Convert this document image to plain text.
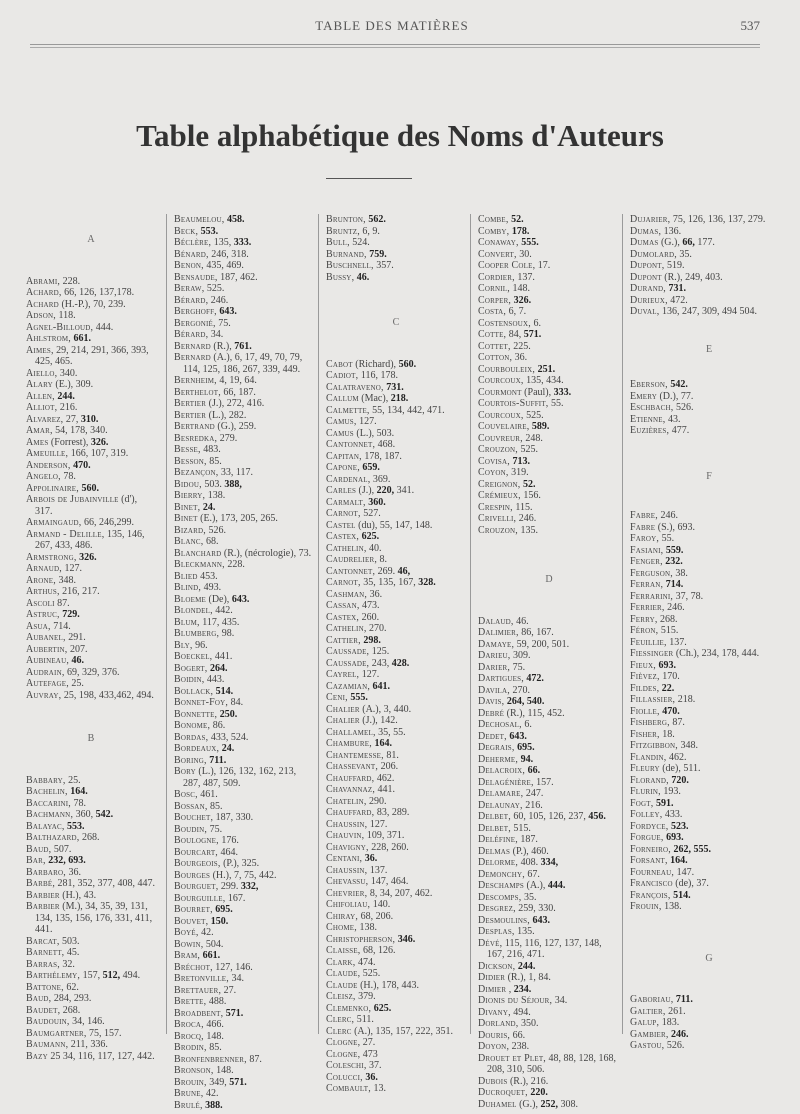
TABLE DES MATIÈRES	537
Table alphabétique des Noms d'Auteurs

A

Abrami, 228.

Achard, 66, 126, 137,178.

Achard (H.-P.), 70, 239.

Adson, 118.

Agnel-Billoud, 444.

Ahlstrom, 661.

Aimes, 29, 214, 291, 366, 393, 425, 465.

Aiello, 340.

Alary (E.), 309.

Allen, 244.

Alliot, 216.

Alvarez, 27, 310.

Amar, 54, 178, 340.

Ames (Forrest), 326.

Ameuille, 166, 107, 319.

Anderson, 470.

Angelo, 78.

Appolinaire, 560.

Arbois de Jubainville (d'), 317.

Armaingaud, 66, 246,299.

Armand - Delille, 135, 146, 267, 433, 486.

Armstrong, 326.

Arnaud, 127.

Arone, 348.

Arthus, 216, 217.

Ascoli 87.

Astruc, 729.

Asua, 714.

Aubanel, 291.

Aubertin, 207.

Aubineau, 46.

Audrain, 69, 329, 376.

Autefage, 25.

Auvray, 25, 198, 433,462, 494.

B

Babbary, 25.

Bachelin, 164.

Baccarini, 78.

Bachmann, 360, 542.

Balayac, 553.

Balthazard, 268.

Baud, 507.

Bar, 232, 693.

Barbaro, 36.

Barbé, 281, 352, 377, 408, 447.

Barbier (H.), 43.

Barbier (M.), 34, 35, 39, 131, 134, 135, 156, 176, 331, 411, 441.

Barcat, 503.

Barnett, 45.

Barras, 32.

Barthélemy, 157, 512, 494.

Battone, 62.

Baud, 284, 293.

Baudet, 268.

Baudouin, 34, 146.

Baumgartner, 75, 157.

Baumann, 211, 336.

Bazy 25 34, 116, 117, 127, 442.

Beaumelou, 458.

Beck, 553.

Béclère, 135, 333.

Bénard, 246, 318.

Benon, 435, 469.

Bensaude, 187, 462.

Beraw, 525.

Bérard, 246.

Berghoff, 643.

Bergonié, 75.

Bérard, 34.

Bernard (R.), 761.

Bernard (A.), 6, 17, 49, 70, 79, 114, 125, 186, 267, 339, 449.

Bernheim, 4, 19, 64.

Berthelot, 66, 187.

Bertier (J.), 272, 416.

Bertier (L.), 282.

Bertrand (G.), 259.

Besredka, 279.

Besse, 483.

Besson, 85.

Bezançon, 33, 117.

Bidou, 503. 388,

Bierry, 138.

Binet, 24.

Binet (E.), 173, 205, 265.

Bizard, 526.

Blanc, 68.

Blanchard (R.), (nécrologie), 73.

Bleckmann, 228.

Blied 453.

Blind, 493.

Bloeme (De), 643.

Blondel, 442.

Blum, 117, 435.

Blumberg, 98.

Bly, 96.

Boeckel, 441.

Bogert, 264.

Boidin, 443.

Bollack, 514.

Bonnet-Foy, 84.

Bonnette, 250.

Bonome, 86.

Bordas, 433, 524.

Bordeaux, 24.

Boring, 711.

Bory (L.), 126, 132, 162, 213, 287, 487, 509.

Bosc, 461.

Bossan, 85.

Bouchet, 187, 330.

Boudin, 75.

Boulogne, 176.

Bourcart, 464.

Bourgeois, (P.), 325.

Bourges (H.), 7, 75, 442.

Bourguet, 299. 332,

Bourguille, 167.

Bourret, 695.

Bouvet, 150.

Boyé, 42.

Bowin, 504.

Bram, 661.

Bréchot, 127, 146.

Bretonville, 34.

Brettauer, 27.

Brette, 488.

Broadbent, 571.

Broca, 466.

Brocq, 148.

Brodin, 85.

Bronfenbrenner, 87.

Bronson, 148.

Brouin, 349, 571.

Brune, 42.

Brulé, 388.

Brunton, 562.

Bruntz, 6, 9.

Bull, 524.

Burnand, 759.

Buschnell, 357.

Bussy, 46.

C

Cabot (Richard), 560.

Cadiot, 116, 178.

Calatraveno, 731.

Callum (Mac), 218.

Calmette, 55, 134, 442, 471.

Camus, 127.

Camus (L.), 503.

Cantonnet, 468.

Capitan, 178, 187.

Capone, 659.

Cardenal, 369.

Carles (J.), 220, 341.

Carmalt, 360.

Carnot, 527.

Castel (du), 55, 147, 148.

Castex, 625.

Cathelin, 40.

Caudrelier, 8.

Cantonnet, 269. 46,

Carnot, 35, 135, 167, 328.

Cashman, 36.

Cassan, 473.

Castex, 260.

Cathelin, 270.

Cattier, 298.

Caussade, 125.

Caussade, 243, 428.

Cayrel, 127.

Cazamian, 641.

Ceni, 555.

Chalier (A.), 3, 440.

Chalier (J.), 142.

Challamel, 35, 55.

Chambure, 164.

Chantemesse, 81.

Chassevant, 206.

Chauffard, 462.

Chavannaz, 441.

Chatelin, 290.

Chauffard, 83, 289.

Chaussin, 127.

Chauvin, 109, 371.

Chavigny, 228, 260.

Centani, 36.

Chaussin, 137.

Chevassu, 147, 464.

Chevrier, 8, 34, 207, 462.

Chifoliau, 140.

Chiray, 68, 206.

Chome, 138.

Christopherson, 346.

Claisse, 68, 126.

Clark, 474.

Claude, 525.

Claude (H.), 178, 443.

Cleisz, 379.

Clemenko, 625.

Clerc, 511.

Clerc (A.), 135, 157, 222, 351.

Clogne, 27.

Clogne, 473

Coleschi, 37.

Colucci, 36.

Combault, 13.

Combe, 52.

Comby, 178.

Conaway, 555.

Convert, 30.

Cooper Cole, 17.

Cordier, 137.

Cornil, 148.

Corper, 326.

Costa, 6, 7.

Costensoux, 6.

Cotte, 84, 571.

Cottet, 225.

Cotton, 36.

Courbouleix, 251.

Courcoux, 135, 434.

Courmont (Paul), 333.

Courtois-Suffit, 55.

Courcoux, 525.

Couvelaire, 589.

Couvreur, 248.

Crouzon, 525.

Covisa, 713.

Coyon, 319.

Creignon, 52.

Crémieux, 156.

Crespin, 115.

Crivelli, 246.

Crouzon, 135.

D

Dalaud, 46.

Dalimier, 86, 167.

Damaye, 59, 200, 501.

Darieu, 309.

Darier, 75.

Dartigues, 472.

Davila, 270.

Davis, 264, 540.

Debré (R.), 115, 452.

Dechosal, 6.

Dedet, 643.

Degrais, 695.

Deherme, 94.

Delacroix, 66.

Delagénière, 157.

Delamare, 247.

Delaunay, 216.

Delbet, 60, 105, 126, 237, 456.

Delbet, 515.

Deléfine, 187.

Delmas (P.), 460.

Delorme, 408. 334,

Demonchy, 67.

Deschamps (A.), 444.

Descomps, 35.

Desgrez, 259, 330.

Desmoulins, 643.

Desplas, 135.

Dévé, 115, 116, 127, 137, 148, 167, 216, 471.

Dickson, 244.

Didier (R.), 1, 84.

Dimier , 234.

Dionis du Séjour, 34.

Divany, 494.

Dorland, 350.

Douris, 66.

Doyon, 238.

Drouet et Plet, 48, 88, 128, 168, 208, 310, 506.

Dubois (R.), 216.

Ducroquet, 220.

Duhamel (G.), 252, 308.

Dujarier, 75, 126, 136, 137, 279.

Dumas, 136.

Dumas (G.), 66, 177.

Dumolard, 35.

Dupont, 519.

Dupont (R.), 249, 403.

Durand, 731.

Durieux, 472.

Duval, 136, 247, 309, 494 504.

E

Eberson, 542.

Emery (D.), 77.

Eschbach, 526.

Etienne, 43.

Euzières, 477.

F

Fabre, 246.

Fabre (S.), 693.

Faroy, 55.

Fasiani, 559.

Fenger, 232.

Ferguson, 38.

Ferran, 714.

Ferrarini, 37, 78.

Ferrier, 246.

Ferry, 268.

Féron, 515.

Feuillie, 137.

Fiessinger (Ch.), 234, 178, 444.

Fieux, 693.

Fièvez, 170.

Fildes, 22.

Fillassier, 218.

Fiolle, 470.

Fishberg, 87.

Fisher, 18.

Fitzgibbon, 348.

Flandin, 462.

Fleury (de), 511.

Florand, 720.

Flurin, 193.

Fogt, 591.

Folley, 433.

Fordyce, 523.

Forgue, 693.

Forneiro, 262, 555.

Forsant, 164.

Fourneau, 147.

Francisco (de), 37.

François, 514.

Frouin, 138.

G

Gaboriau, 711.

Galtier, 261.

Galup, 183.

Gambier, 246.

Gastou, 526.
